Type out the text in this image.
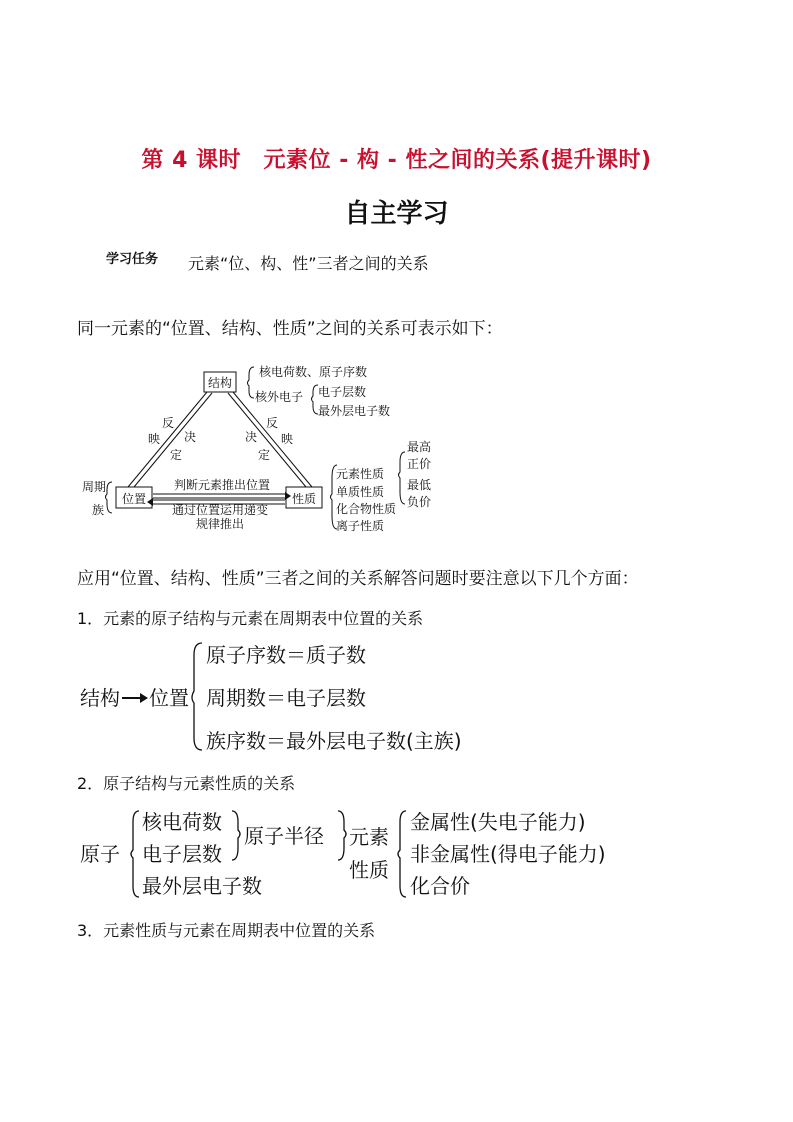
第 4 课时　元素位 - 构 - 性之间的关系(提升课时)
自主学习
学习任务 元素“位、构、性”三者之间的关系
同一元素的“位置、结构、性质”之间的关系可表示如下：
结构
位置	性质
反
映 决
定
决
定
反
映
周期
族
判断元素推出位置
通过位置运用递变
规律推出
核电荷数、原子序数
核外电子 电子层数
最外层电子数
元素性质
单质性质
化合物性质
离子性质
最高
正价
最低
负价
应用“位置、结构、性质”三者之间的关系解答问题时要注意以下几个方面：
1．元素的原子结构与元素在周期表中位置的关系
结构 位置
原子序数＝质子数
周期数＝电子层数
族序数＝最外层电子数(主族)
2．原子结构与元素性质的关系
原子
核电荷数
电子层数
最外层电子数
原子半径 元素
性质
金属性(失电子能力)
非金属性(得电子能力)
化合价
3．元素性质与元素在周期表中位置的关系
